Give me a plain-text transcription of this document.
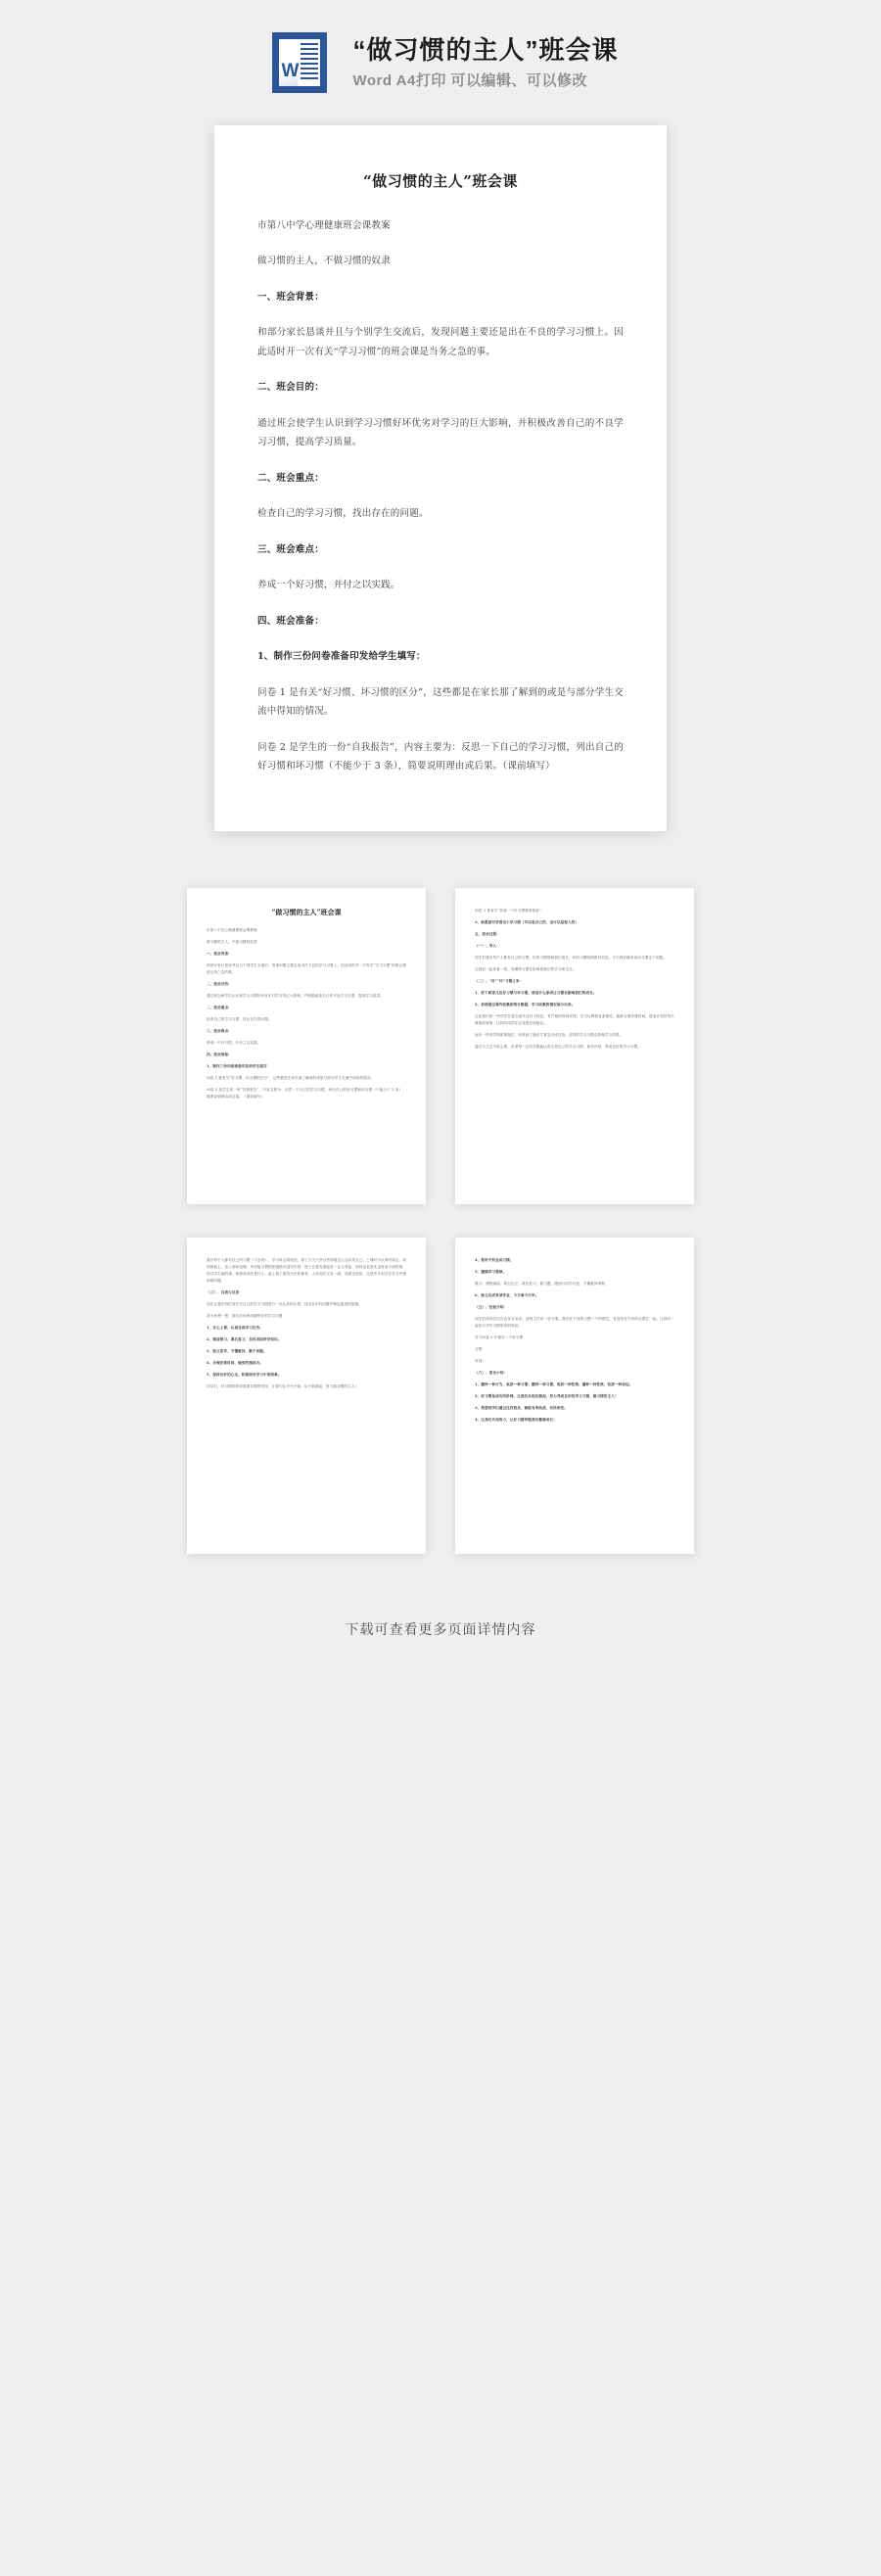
W
“做习惯的主人”班会课
Word A4打印 可以编辑、可以修改
“做习惯的主人”班会课
市第八中学心理健康班会课教案
做习惯的主人，不做习惯的奴隶
一、班会背景：
和部分家长恳谈并且与个别学生交流后，发现问题主要还是出在不良的学习习惯上。因此适时开一次有关“学习习惯”的班会课是当务之急的事。
二、班会目的：
通过班会使学生认识到学习习惯好坏优劣对学习的巨大影响，并积极改善自己的不良学习习惯，提高学习质量。
二、班会重点：
检查自己的学习习惯，找出存在的问题。
三、班会难点：
养成一个好习惯，并付之以实践。
四、班会准备：
1、制作三份问卷准备印发给学生填写：
问卷 1 是有关“好习惯、坏习惯的区分”，这些都是在家长那了解到的或是与部分学生交流中得知的情况。
问卷 2 是学生的一份“自我报告”，内容主要为：反思一下自己的学习习惯，列出自己的好习惯和坏习惯（不能少于 3 条），简要说明理由或后果。（课前填写）
“做习惯的主人”班会课
市第八中学心理健康班会课教案
做习惯的主人，不做习惯的奴隶
一、班会背景：
和部分家长恳谈并且与个别学生交流后，发现问题主要还是出在不良的学习习惯上。因此适时开一次有关“学习习惯”的班会课是当务之急的事。
二、班会目的：
通过班会使学生认识到学习习惯好坏优劣对学习的巨大影响，并积极改善自己的不良学习习惯，提高学习质量。
二、班会重点：
检查自己的学习习惯，找出存在的问题。
三、班会难点：
养成一个好习惯，并付之以实践。
四、班会准备：
1、制作三份问卷准备印发给学生填写：
问卷 1 是有关“好习惯、坏习惯的区分”，这些都是在家长那了解到的或是与部分学生交流中得知的情况。
问卷 2 是学生的一份“自我报告”，内容主要为：反思一下自己的学习习惯，列出自己的好习惯和坏习惯（不能少于 3 条），简要说明理由或后果。（课前填写）
问卷 3 是有关“养成一个好习惯我准备好”。
2、谁愿意对学善良小学习惯（可以是自己的，也可以是他人的）
五、班会过程：
（一）、导入：
同学们我们每个人都有自己的习惯，好的习惯帮助我们成长，坏的习惯阻碍我们前进。今天我们就来谈谈习惯这个话题。
让我们一起来看一看，有哪些习惯在影响着我们的学习和生活。
（二）、“好”“坏”习惯之争：
1、依下面第几位好习惯与坏习惯，那是什么原因让习惯会影响我们的成长。
2、老师通过课内收集和统计数据，学习收集的情况展示出来。
比如我们班一些同学总是完成作业后才休息，有严格的时间安排；学习反映很有条理性，能够合理安排时间，提前计划好每天要做的事情，这样的同学往往成绩比较稳定。
而有一些同学则做事拖拉，经常到了最后才着急完成任务，这样的学习习惯会影响学习效果。
通过今天这节班会课，希望每一位同学都能认真反思自己的学习习惯，取长补短，养成良好的学习习惯。
我们每个人都有自己的习惯（不去改），学习时必须改变，看了天天天然自然知道怎么会谈笑自己。上课时不认真听讲记，成绩就低上，但上面谈是做，考试能习惯把积极路向没有失掉，使上总是先看起来一会儿有起，而同记忆里先也再成不到的事，所以学生能的事，就算再得的是什么。能上做了推的历史的都有，人发现在又有一面，成面这里的，这是许多同学在学习中遇到的问题。
（三）、自我与反思：
现在让我们每位同学对自己的学习习惯进行一次认真的反思，找出存在的问题并制定改进的措施。
请大家想一想，我们应该养成哪些好的学习习惯：
1、专心上课，认真完成学习任务。
2、课前预习，课后复习，及时巩固所学知识。
3、独立思考，不懂就问，勤于动脑。
4、合理安排时间，做到劳逸结合。
5、保持良好的心态，积极面对学习中的困难。
同学们，好习惯的养成需要长期的坚持，让我们从今天开始，从小事做起，努力做习惯的主人！
4、要时不怕也成习惯。
5、遵循学习要领。
要点：课程阅读、第五记记；课后复习、做习题，遇到与同学讨论，不懂就问请教。
6、独立完成各项作业，今日事今日毕。
（五）、经验介绍：
同学们请同学们自由发言谈谈，请班主任说一说习惯。我们在不同的习惯一个的感觉，有没有在不同的习惯在一起。让我们一起来分享好习惯带来的收获。
发下问卷 3 并填写一个好习惯：
习惯：
时间：
（六）、班会小结：
1、播种一种行为，收获一种习惯；播种一种习惯，收获一种性格；播种一种性格，收获一种命运。
2、好习惯是成功的阶梯，让我们从现在做起，努力养成良好的学习习惯，做习惯的主人！
3、希望同学们通过这次班会，都能有所收获，有所改变。
4、让我们共同努力，让好习惯伴随我们健康成长！
下载可查看更多页面详情内容
